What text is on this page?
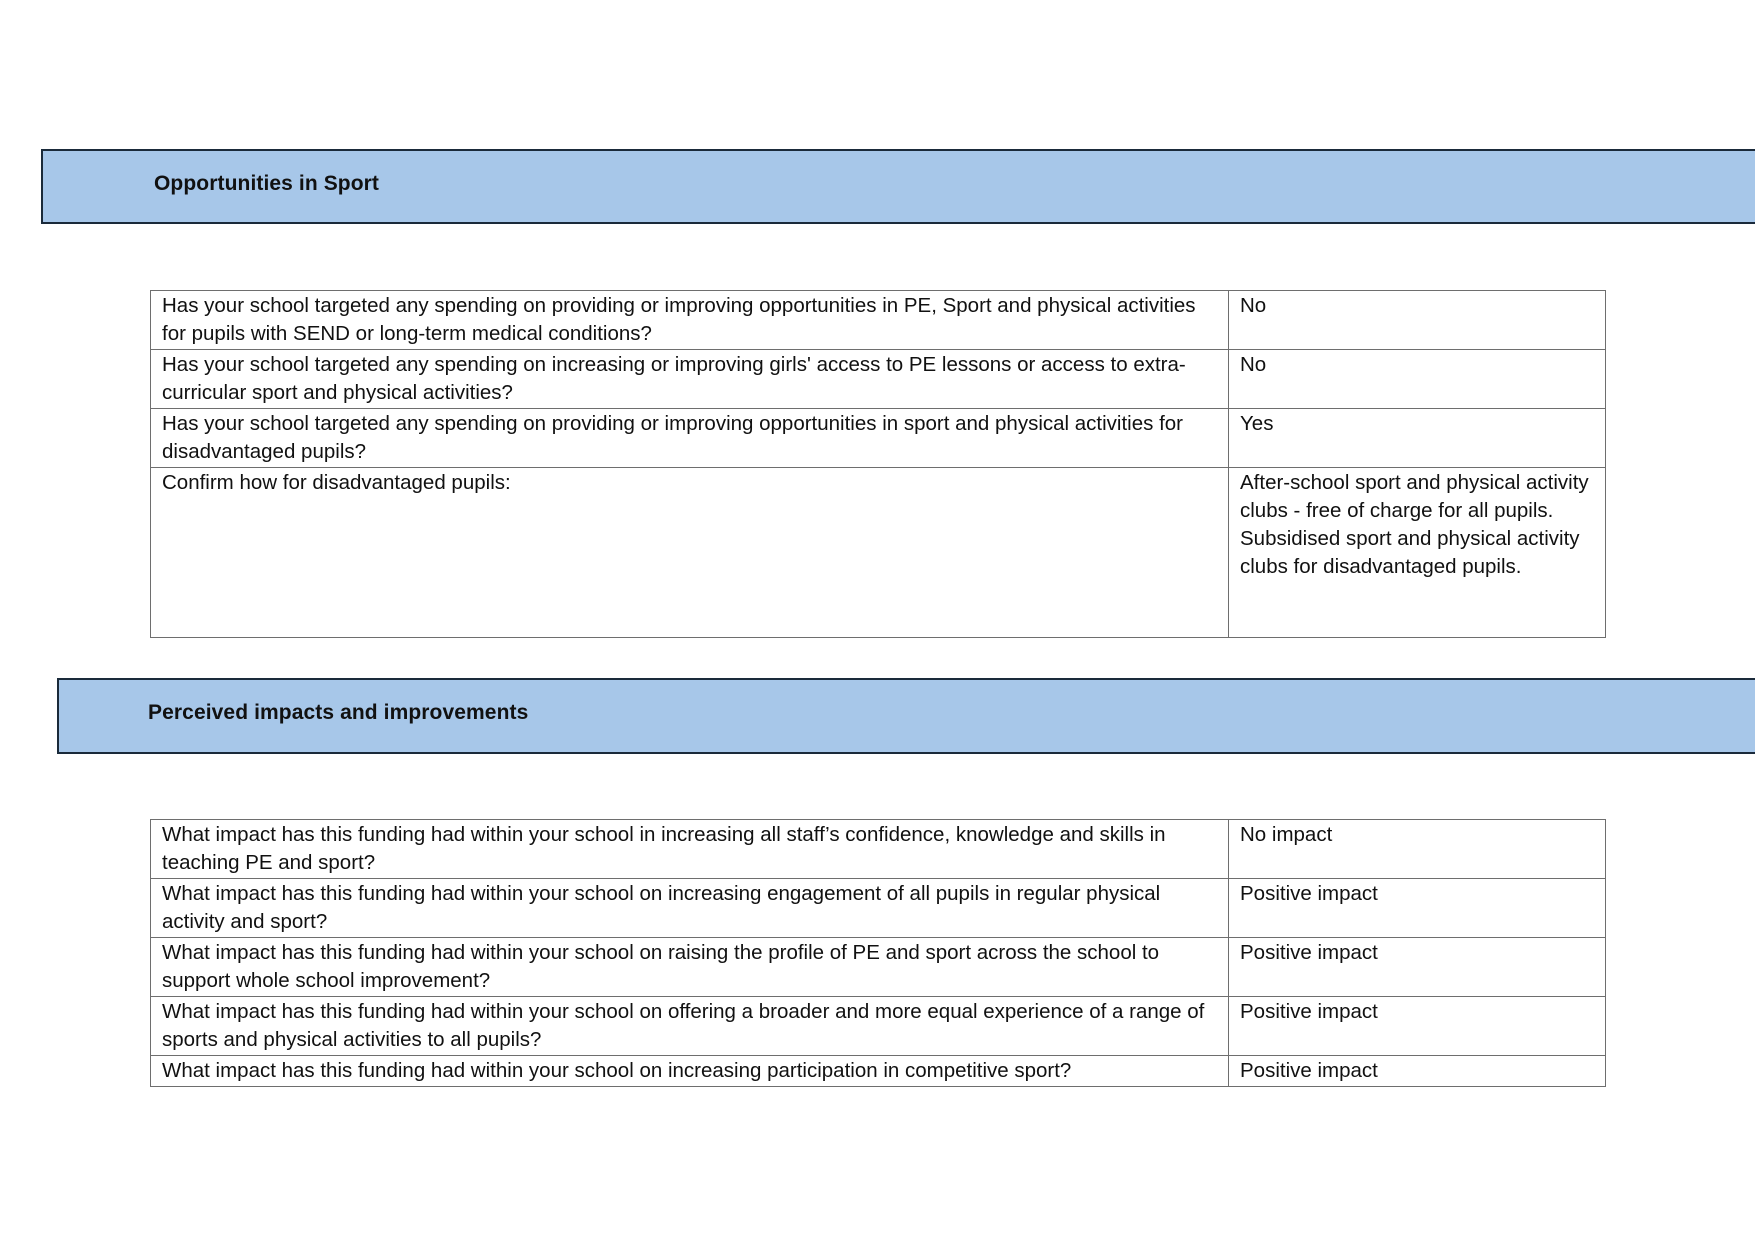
Opportunities in Sport
Has your school targeted any spending on providing or improving opportunities in PE, Sport and physical activities for pupils with SEND or long-term medical conditions?	No
Has your school targeted any spending on increasing or improving girls' access to PE lessons or access to extra-curricular sport and physical activities?	No
Has your school targeted any spending on providing or improving opportunities in sport and physical activities for disadvantaged pupils?	Yes
Confirm how for disadvantaged pupils:	After-school sport and physical activity clubs - free of charge for all pupils.
Subsidised sport and physical activity clubs for disadvantaged pupils.
Perceived impacts and improvements
What impact has this funding had within your school in increasing all staff’s confidence, knowledge and skills in teaching PE and sport?	No impact
What impact has this funding had within your school on increasing engagement of all pupils in regular physical activity and sport?	Positive impact
What impact has this funding had within your school on raising the profile of PE and sport across the school to support whole school improvement?	Positive impact
What impact has this funding had within your school on offering a broader and more equal experience of a range of sports and physical activities to all pupils?	Positive impact
What impact has this funding had within your school on increasing participation in competitive sport?	Positive impact
